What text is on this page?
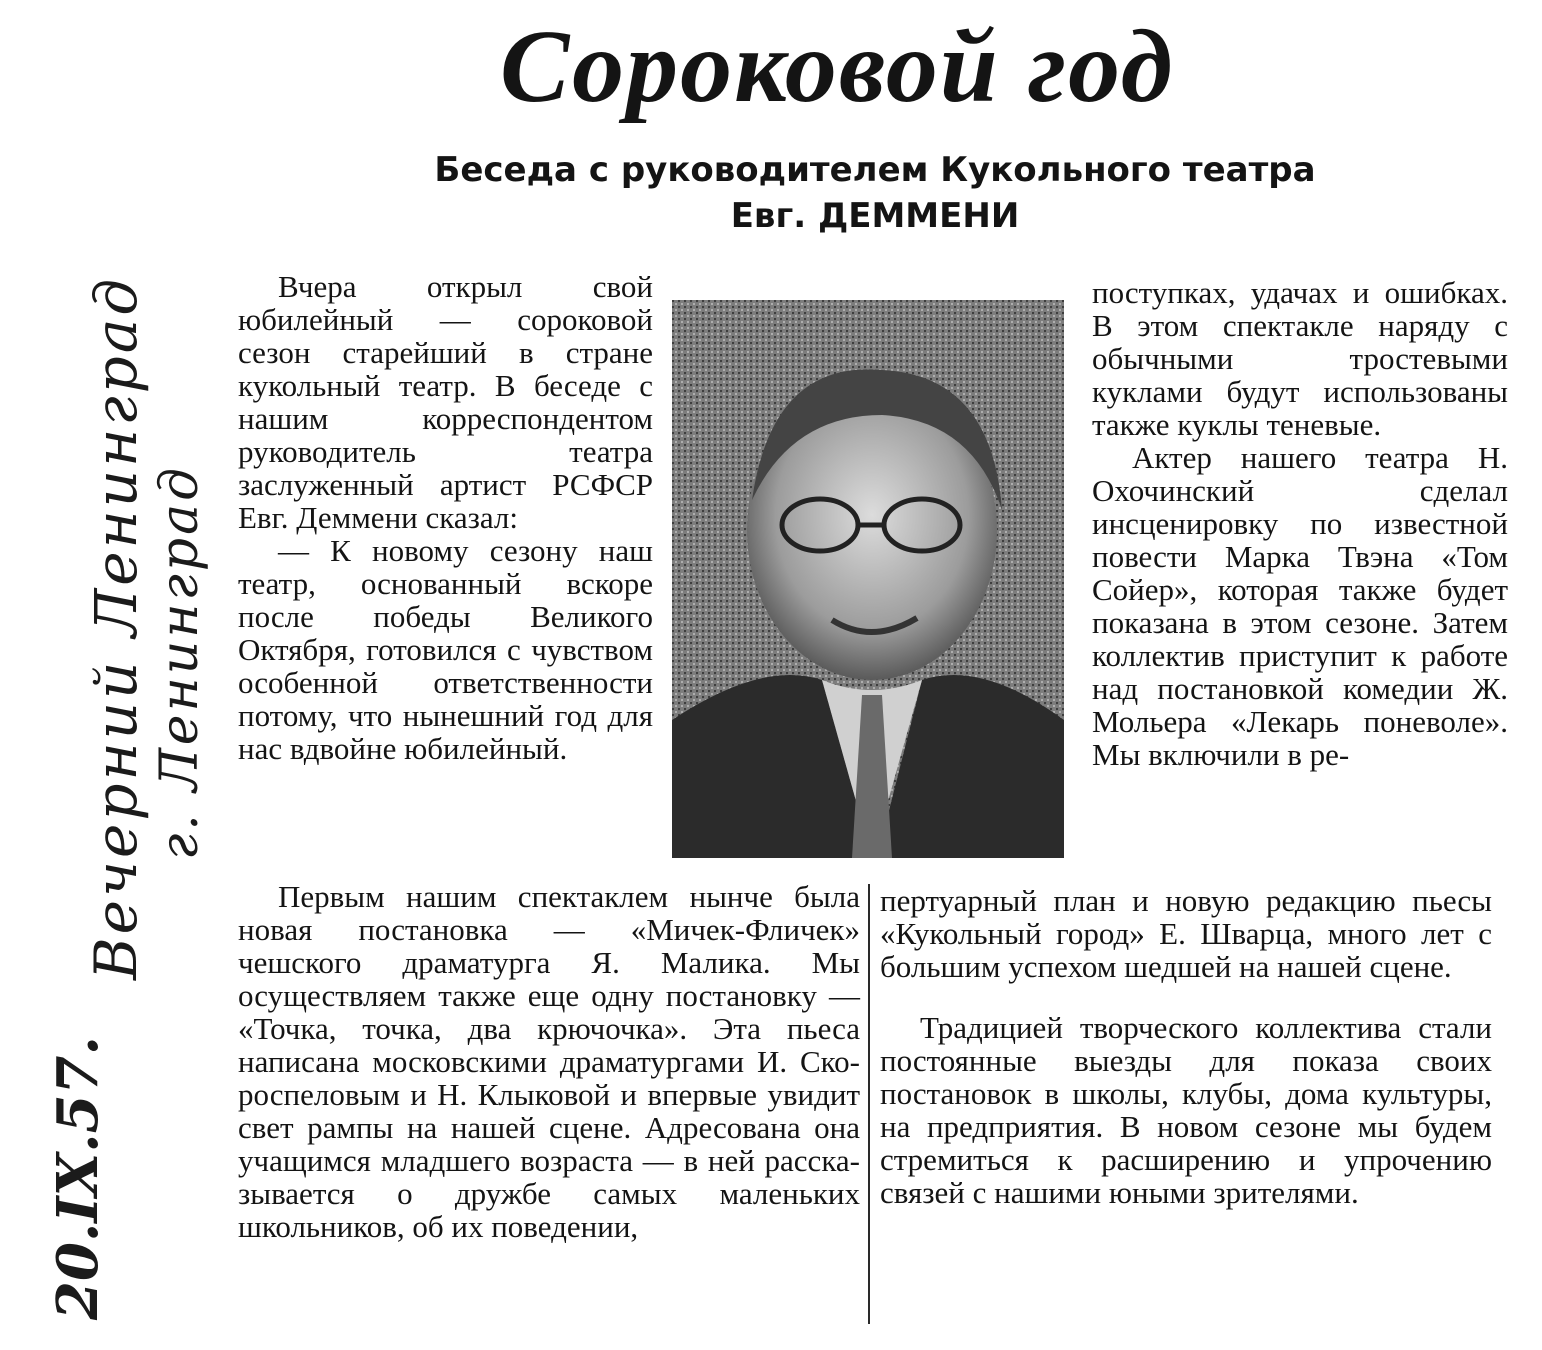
Сороковой год
Беседа с руководителем Кукольного театра
Евг. ДЕММЕНИ

Вчера открыл свой юбилейный — сороковой сезон старейший в стране кукольный театр. В беседе с нашим корреспондентом руководитель театра заслуженный артист РСФСР Евг. Деммени сказал:

— К новому сезону наш театр, основанный вскоре после победы Великого Октября, готовился с чувством особенной ответственности потому, что нынешний год для нас вдвойне юбилейный.

поступках, удачах и ошибках. В этом спектакле наряду с обычными тростевыми куклами будут использованы также куклы теневые.

Актер нашего театра Н. Охочинский сделал инсценировку по известной повести Марка Твэна «Том Сойер», которая также будет показана в этом сезоне. Затем коллектив приступит к работе над постановкой комедии Ж. Мольера «Лекарь поневоле». Мы включили в ре-

Первым нашим спектаклем нынче была новая постановка — «Мичек-Фличек» чешского драматурга Я. Малика. Мы осуществляем также еще одну постановку — «Точка, точка, два крючочка». Эта пьеса написана московскими драматургами И. Скороспеловым и Н. Клыковой и впервые увидит свет рампы на нашей сцене. Адресована она учащимся младшего возраста — в ней рассказывается о дружбе самых маленьких школьников, об их поведении,

пертуарный план и новую редакцию пьесы «Кукольный город» Е. Шварца, много лет с большим успехом шедшей на нашей сцене.

Традицией творческого коллектива стали постоянные выезды для показа своих постановок в школы, клубы, дома культуры, на предприятия. В новом сезоне мы будем стремиться к расширению и упрочению связей с нашими юными зрителями.

Вечерний Ленинград г. Ленинград
20.IX.57.
